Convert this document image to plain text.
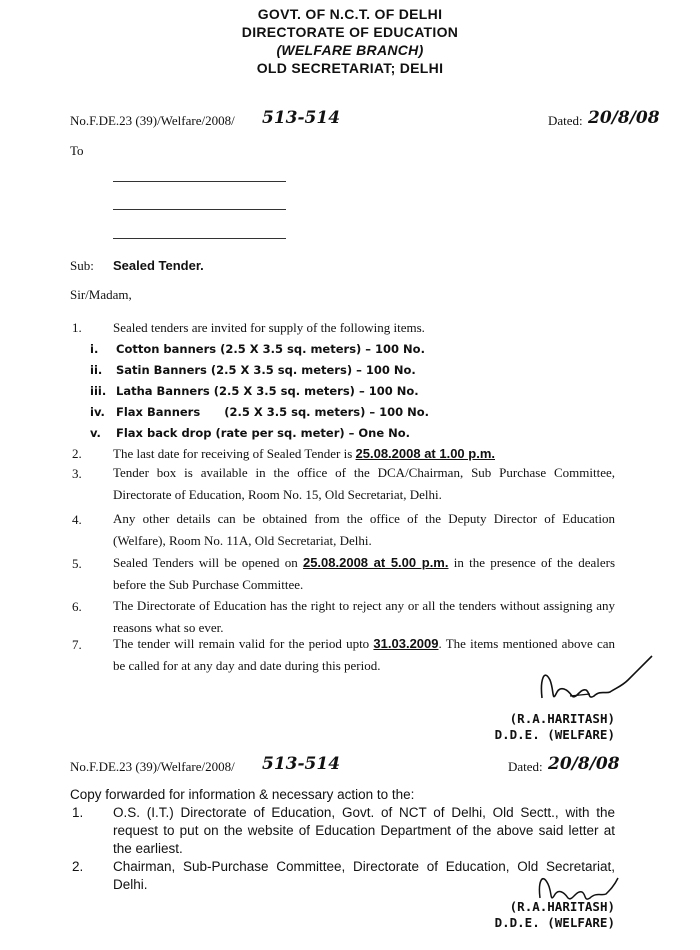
GOVT. OF N.C.T. OF DELHI
DIRECTORATE OF EDUCATION
(WELFARE BRANCH)
OLD SECRETARIAT; DELHI
No.F.DE.23 (39)/Welfare/2008/ 513-514	Dated: 20/8/08
To
Sub: Sealed Tender.
Sir/Madam,
1. Sealed tenders are invited for supply of the following items.
i. Cotton banners (2.5 X 3.5 sq. meters) – 100 No.
ii. Satin Banners (2.5 X 3.5 sq. meters) – 100 No.
iii. Latha Banners (2.5 X 3.5 sq. meters) – 100 No.
iv. Flax Banners      (2.5 X 3.5 sq. meters) – 100 No.
v. Flax back drop (rate per sq. meter) – One No.
2. The last date for receiving of Sealed Tender is 25.08.2008 at 1.00 p.m.
3. Tender box is available in the office of the DCA/Chairman, Sub Purchase Committee, Directorate of Education, Room No. 15, Old Secretariat, Delhi.
4. Any other details can be obtained from the office of the Deputy Director of Education (Welfare), Room No. 11A, Old Secretariat, Delhi.
5. Sealed Tenders will be opened on 25.08.2008 at 5.00 p.m. in the presence of the dealers before the Sub Purchase Committee.
6. The Directorate of Education has the right to reject any or all the tenders without assigning any reasons what so ever.
7. The tender will remain valid for the period upto 31.03.2009. The items mentioned above can be called for at any day and date during this period.
(R.A.HARITASH)
D.D.E. (WELFARE)
No.F.DE.23 (39)/Welfare/2008/ 513-514	Dated: 20/8/08
Copy forwarded for information & necessary action to the:
1. O.S. (I.T.) Directorate of Education, Govt. of NCT of Delhi, Old Sectt., with the request to put on the website of Education Department of the above said letter at the earliest.
2. Chairman, Sub-Purchase Committee, Directorate of Education, Old Secretariat, Delhi.
(R.A.HARITASH)
D.D.E. (WELFARE)
